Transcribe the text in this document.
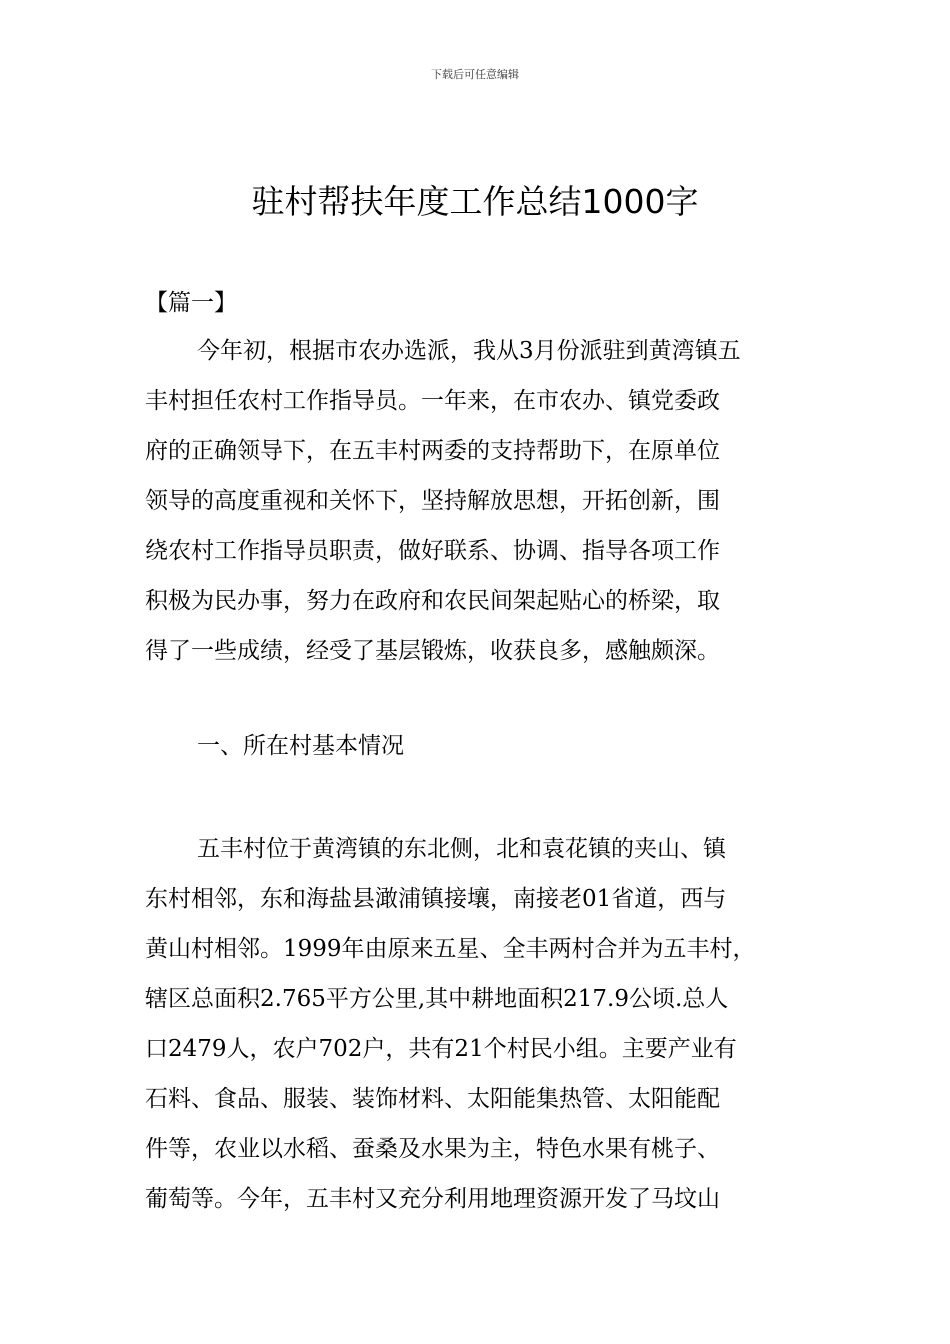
下载后可任意编辑
驻村帮扶年度工作总结1000字
【篇一】

今年初，根据市农办选派，我从3月份派驻到黄湾镇五
丰村担任农村工作指导员。一年来，在市农办、镇党委政
府的正确领导下，在五丰村两委的支持帮助下，在原单位
领导的高度重视和关怀下，坚持解放思想，开拓创新，围
绕农村工作指导员职责，做好联系、协调、指导各项工作
积极为民办事，努力在政府和农民间架起贴心的桥梁，取
得了一些成绩，经受了基层锻炼，收获良多，感触颇深。

一、所在村基本情况

五丰村位于黄湾镇的东北侧，北和袁花镇的夹山、镇
东村相邻，东和海盐县澉浦镇接壤，南接老01省道，西与
黄山村相邻。1999年由原来五星、全丰两村合并为五丰村，
辖区总面积2.765平方公里,其中耕地面积217.9公顷.总人
口2479人，农户702户，共有21个村民小组。主要产业有
石料、食品、服装、装饰材料、太阳能集热管、太阳能配
件等，农业以水稻、蚕桑及水果为主，特色水果有桃子、
葡萄等。今年，五丰村又充分利用地理资源开发了马坟山
